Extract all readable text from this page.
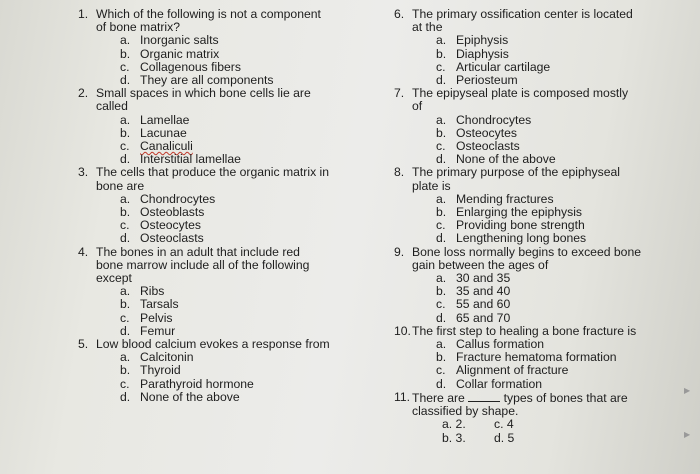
1. Which of the following is not a component
of bone matrix?
a. Inorganic salts
b. Organic matrix
c. Collagenous fibers
d. They are all components
2. Small spaces in which bone cells lie are
called
a. Lamellae
b. Lacunae
c. Canaliculi
d. Interstitial lamellae
3. The cells that produce the organic matrix in
bone are
a. Chondrocytes
b. Osteoblasts
c. Osteocytes
d. Osteoclasts
4. The bones in an adult that include red
bone marrow include all of the following
except
a. Ribs
b. Tarsals
c. Pelvis
d. Femur
5. Low blood calcium evokes a response from
a. Calcitonin
b. Thyroid
c. Parathyroid hormone
d. None of the above
6. The primary ossification center is located
at the
a. Epiphysis
b. Diaphysis
c. Articular cartilage
d. Periosteum
7. The epipyseal plate is composed mostly
of
a. Chondrocytes
b. Osteocytes
c. Osteoclasts
d. None of the above
8. The primary purpose of the epiphyseal
plate is
a. Mending fractures
b. Enlarging the epiphysis
c. Providing bone strength
d. Lengthening long bones
9. Bone loss normally begins to exceed bone
gain between the ages of
a. 30 and 35
b. 35 and 40
c. 55 and 60
d. 65 and 70
10. The first step to healing a bone fracture is
a. Callus formation
b. Fracture hematoma formation
c. Alignment of fracture
d. Collar formation
11. There are	types of bones that are
classified by shape.
a. 2.	c. 4
b. 3.	d. 5
▶
▶
